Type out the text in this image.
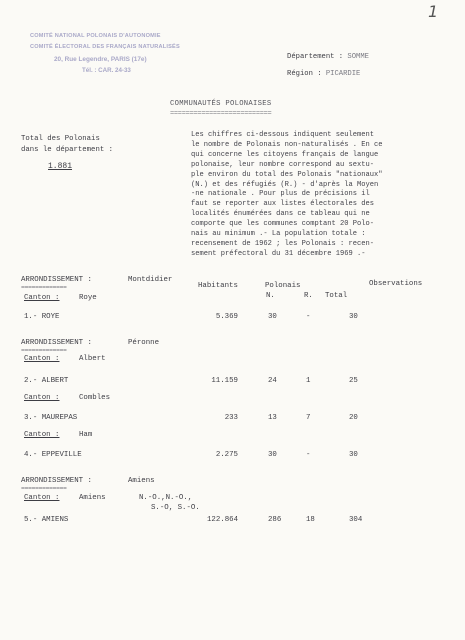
1
COMITÉ NATIONAL POLONAIS D'AUTONOMIE
COMITÉ ÉLECTORAL DES FRANÇAIS NATURALISÉS
20, Rue Legendre, PARIS (17e)
Tél. : CAR. 24-33
Département : SOMME
Région : PICARDIE
COMMUNAUTÉS POLONAISES
==========================
Total des Polonais
dans le département :
1.881
Les chiffres ci-dessous indiquent seulement
le nombre de Polonais non-naturalisés . En ce
qui concerne les citoyens français de langue
polonaise, leur nombre correspond au sextu-
ple environ du total des Polonais "nationaux"
(N.) et des réfugiés (R.) - d'après la Moyen
-ne nationale . Pour plus de précisions il
faut se reporter aux listes électorales des
localités énumérées dans ce tableau qui ne
comporte que les communes comptant 20 Polo-
nais au minimum .- La population totale :
recensement de 1962 ; les Polonais : recen-
sement préfectoral du 31 décembre 1969 .-
Habitants	Polonais	Observations
N.	R. Total
ARRONDISSEMENT :	Montdidier
=============
Canton :	Roye
1.- ROYE	5.369	30	-	30
ARRONDISSEMENT :	Péronne
=============
Canton :	Albert
2.- ALBERT	11.159	24	1	25
Canton :	Combles
3.- MAUREPAS	233	13	7	20
Canton :	Ham
4.- EPPEVILLE	2.275	30	-	30
ARRONDISSEMENT :	Amiens
=============
Canton :	Amiens	N.-O.,N.-O.,
S.-O, S.-O.
5.- AMIENS	122.864	286	18	304
